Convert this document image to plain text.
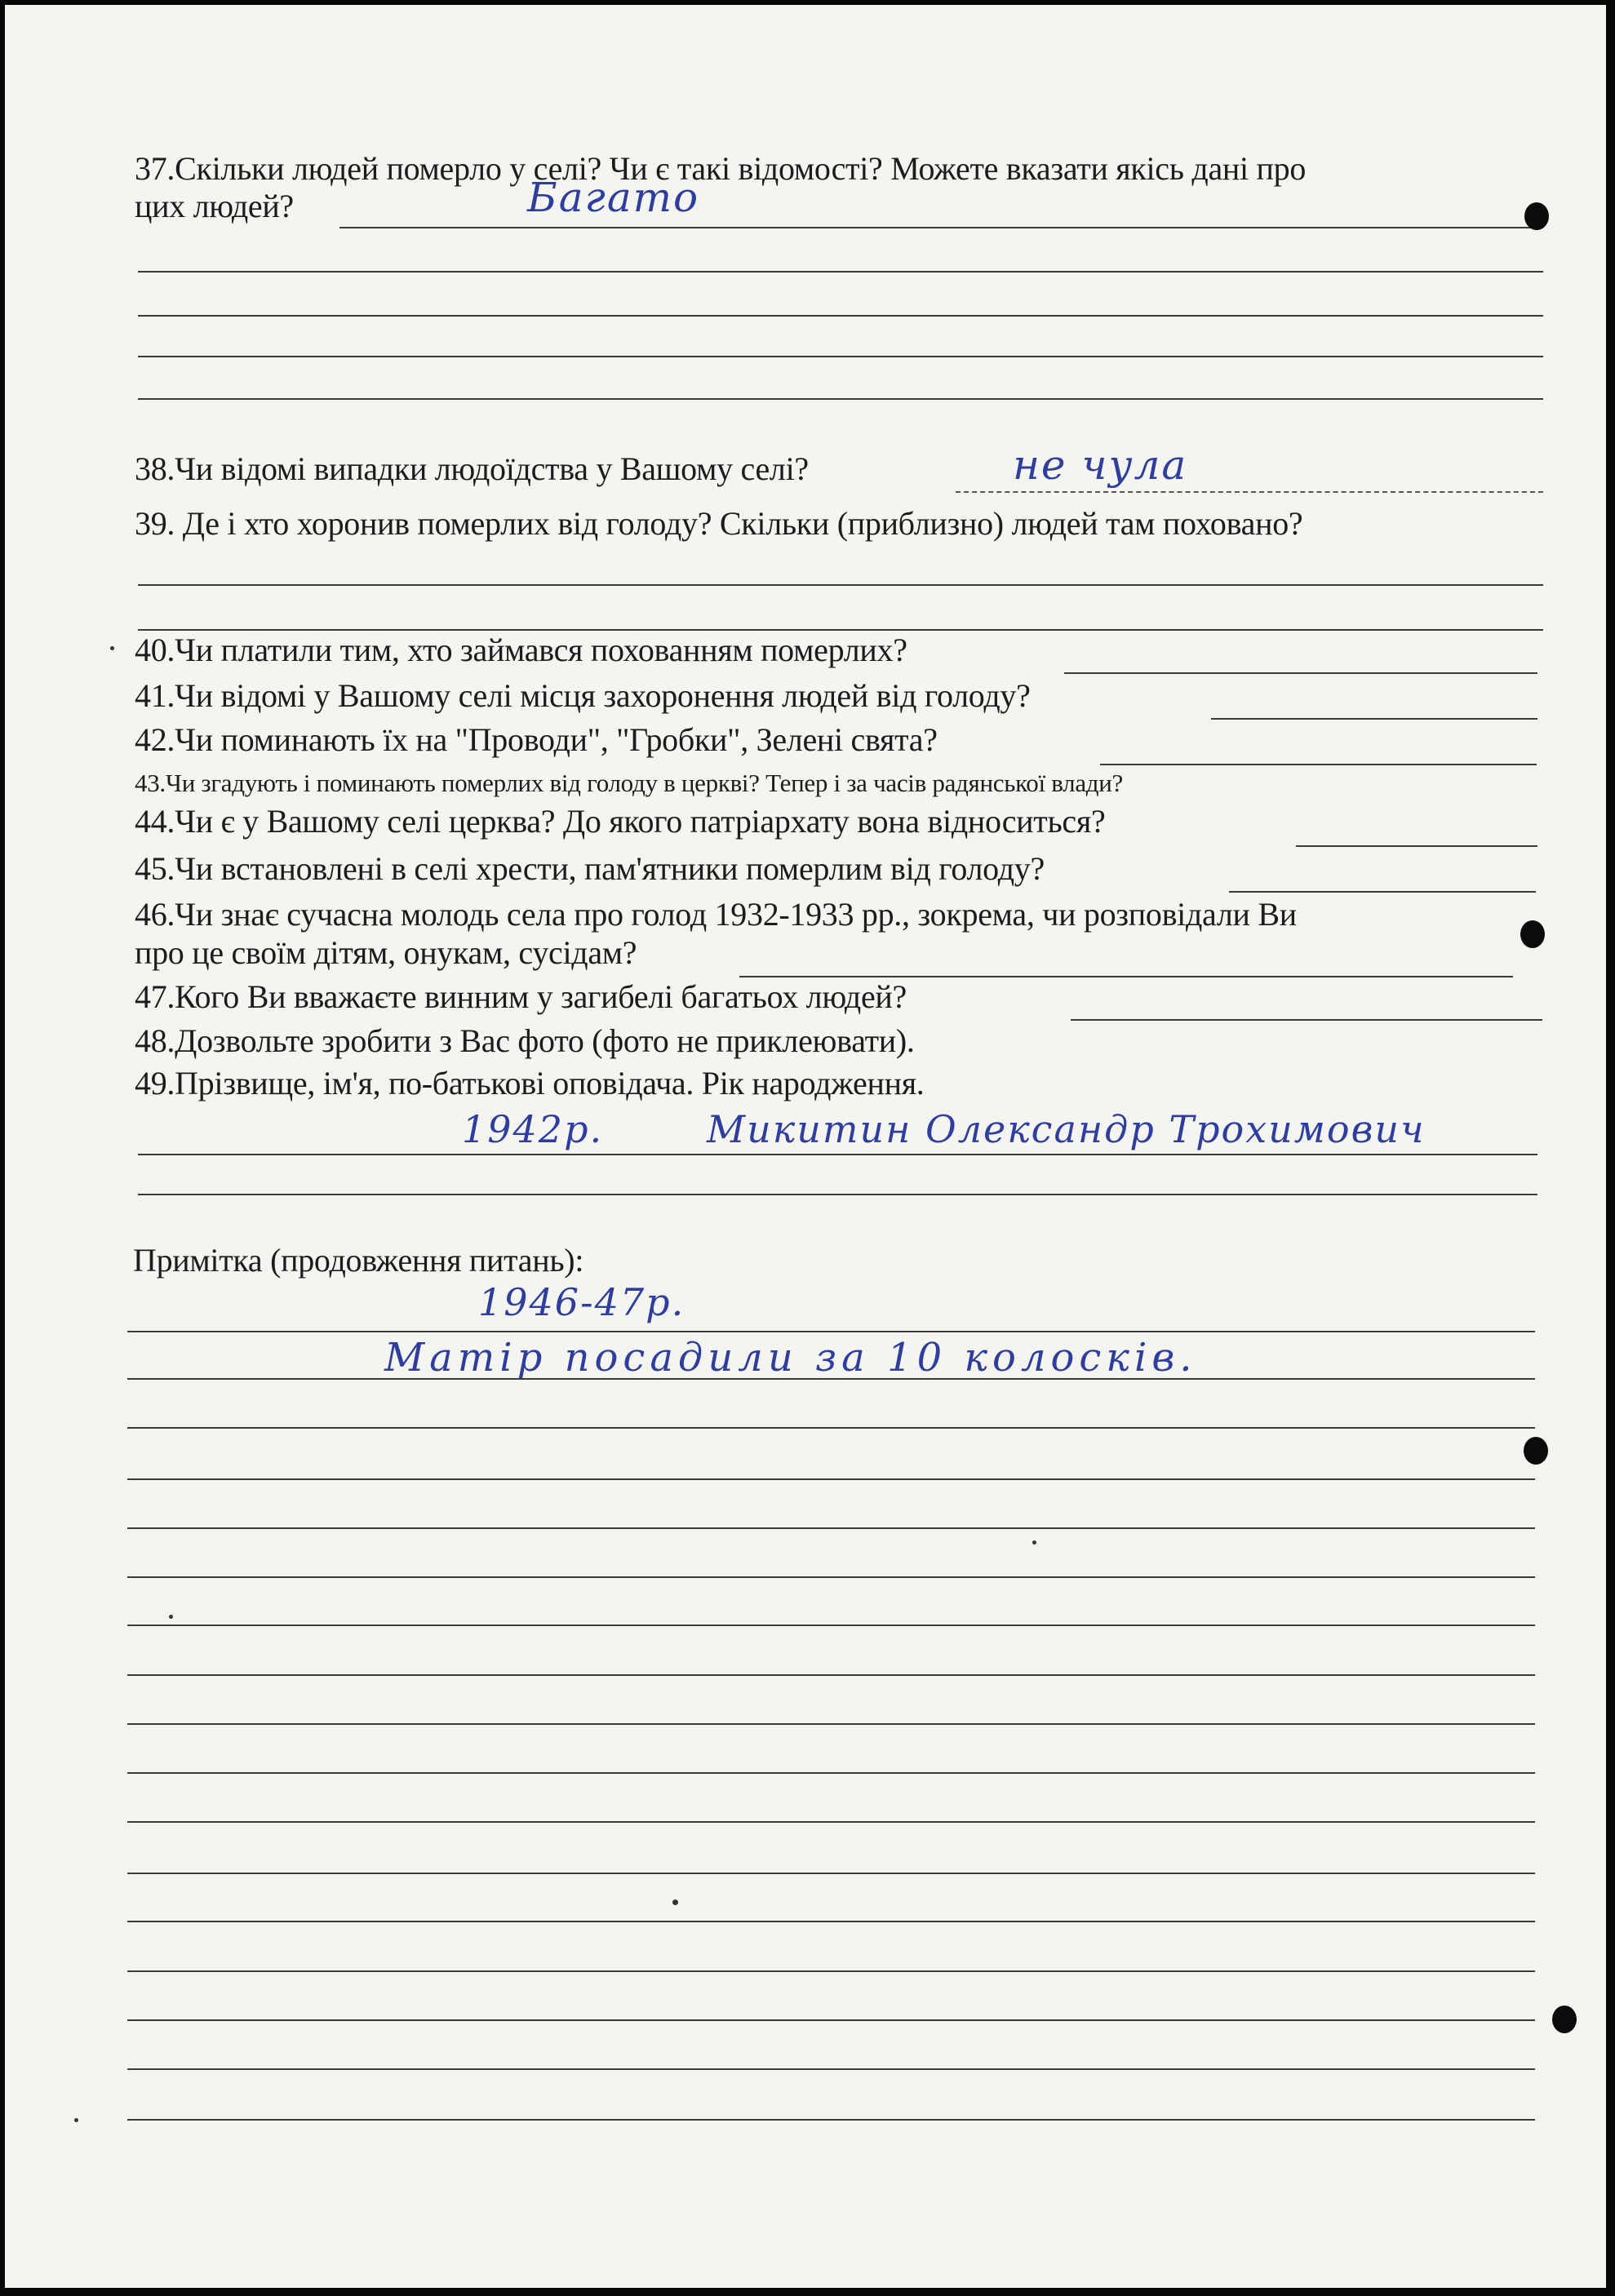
37.Скільки людей померло у селі? Чи є такі відомості? Можете вказати якісь дані про

цих людей?	Багато

38.Чи відомі випадки людоїдства у Вашому селі?	не чула

39. Де і хто хоронив померлих від голоду? Скільки (приблизно) людей там поховано?

40.Чи платили тим, хто займався похованням померлих?

41.Чи відомі у Вашому селі місця захоронення людей від голоду?

42.Чи поминають їх на "Проводи", "Гробки", Зелені свята?

43.Чи згадують і поминають померлих від голоду в церкві? Тепер і за часів радянської влади?

44.Чи є у Вашому селі церква? До якого патріархату вона відноситься?

45.Чи встановлені в селі хрести, пам'ятники померлим від голоду?

46.Чи знає сучасна молодь села про голод 1932-1933 рр., зокрема, чи розповідали Ви

про це своїм дітям, онукам, сусідам?

47.Кого Ви вважаєте винним у загибелі багатьох людей?

48.Дозвольте зробити з Вас фото (фото не приклеювати).

49.Прізвище, ім'я, по-батькові оповідача. Рік народження.

1942р.	Микитин Олександр Трохимович

Примітка (продовження питань):

1946-47р.

Матір посадили за 10 колосків.
